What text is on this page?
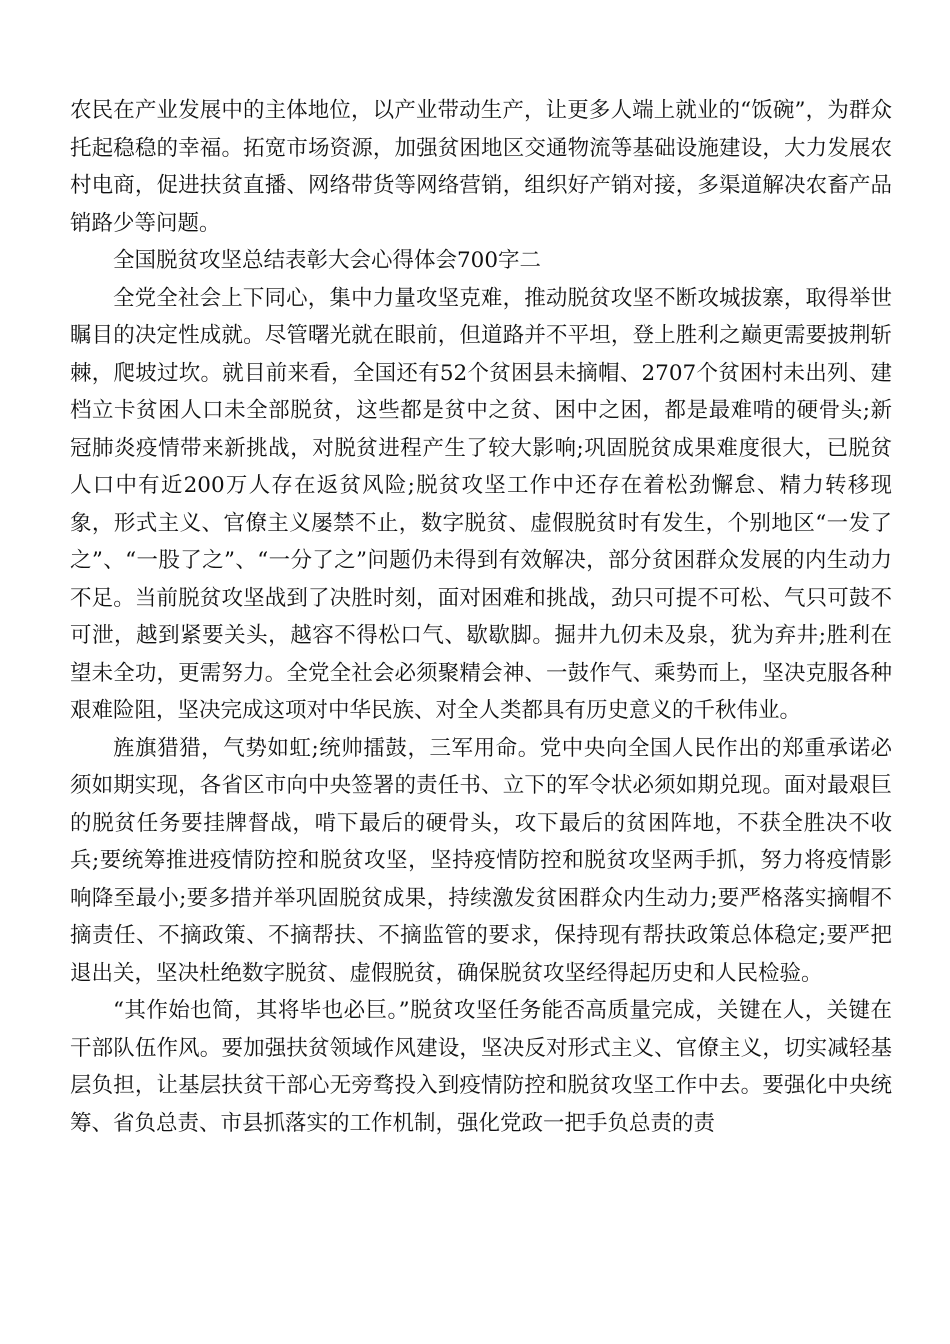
农民在产业发展中的主体地位，以产业带动生产，让更多人端上就业的“饭碗”，为群众托起稳稳的幸福。拓宽市场资源，加强贫困地区交通物流等基础设施建设，大力发展农村电商，促进扶贫直播、网络带货等网络营销，组织好产销对接，多渠道解决农畜产品销路少等问题。

全国脱贫攻坚总结表彰大会心得体会700字二

全党全社会上下同心，集中力量攻坚克难，推动脱贫攻坚不断攻城拔寨，取得举世瞩目的决定性成就。尽管曙光就在眼前，但道路并不平坦，登上胜利之巅更需要披荆斩棘，爬坡过坎。就目前来看，全国还有52个贫困县未摘帽、2707个贫困村未出列、建档立卡贫困人口未全部脱贫，这些都是贫中之贫、困中之困，都是最难啃的硬骨头;新冠肺炎疫情带来新挑战，对脱贫进程产生了较大影响;巩固脱贫成果难度很大，已脱贫人口中有近200万人存在返贫风险;脱贫攻坚工作中还存在着松劲懈怠、精力转移现象，形式主义、官僚主义屡禁不止，数字脱贫、虚假脱贫时有发生，个别地区“一发了之”、“一股了之”、“一分了之”问题仍未得到有效解决，部分贫困群众发展的内生动力不足。当前脱贫攻坚战到了决胜时刻，面对困难和挑战，劲只可提不可松、气只可鼓不可泄，越到紧要关头，越容不得松口气、歇歇脚。掘井九仞未及泉，犹为弃井;胜利在望未全功，更需努力。全党全社会必须聚精会神、一鼓作气、乘势而上，坚决克服各种艰难险阻，坚决完成这项对中华民族、对全人类都具有历史意义的千秋伟业。

旌旗猎猎，气势如虹;统帅擂鼓，三军用命。党中央向全国人民作出的郑重承诺必须如期实现，各省区市向中央签署的责任书、立下的军令状必须如期兑现。面对最艰巨的脱贫任务要挂牌督战，啃下最后的硬骨头，攻下最后的贫困阵地，不获全胜决不收兵;要统筹推进疫情防控和脱贫攻坚，坚持疫情防控和脱贫攻坚两手抓，努力将疫情影响降至最小;要多措并举巩固脱贫成果，持续激发贫困群众内生动力;要严格落实摘帽不摘责任、不摘政策、不摘帮扶、不摘监管的要求，保持现有帮扶政策总体稳定;要严把退出关，坚决杜绝数字脱贫、虚假脱贫，确保脱贫攻坚经得起历史和人民检验。

“其作始也简，其将毕也必巨。”脱贫攻坚任务能否高质量完成，关键在人，关键在干部队伍作风。要加强扶贫领域作风建设，坚决反对形式主义、官僚主义，切实减轻基层负担，让基层扶贫干部心无旁骛投入到疫情防控和脱贫攻坚工作中去。要强化中央统筹、省负总责、市县抓落实的工作机制，强化党政一把手负总责的责
